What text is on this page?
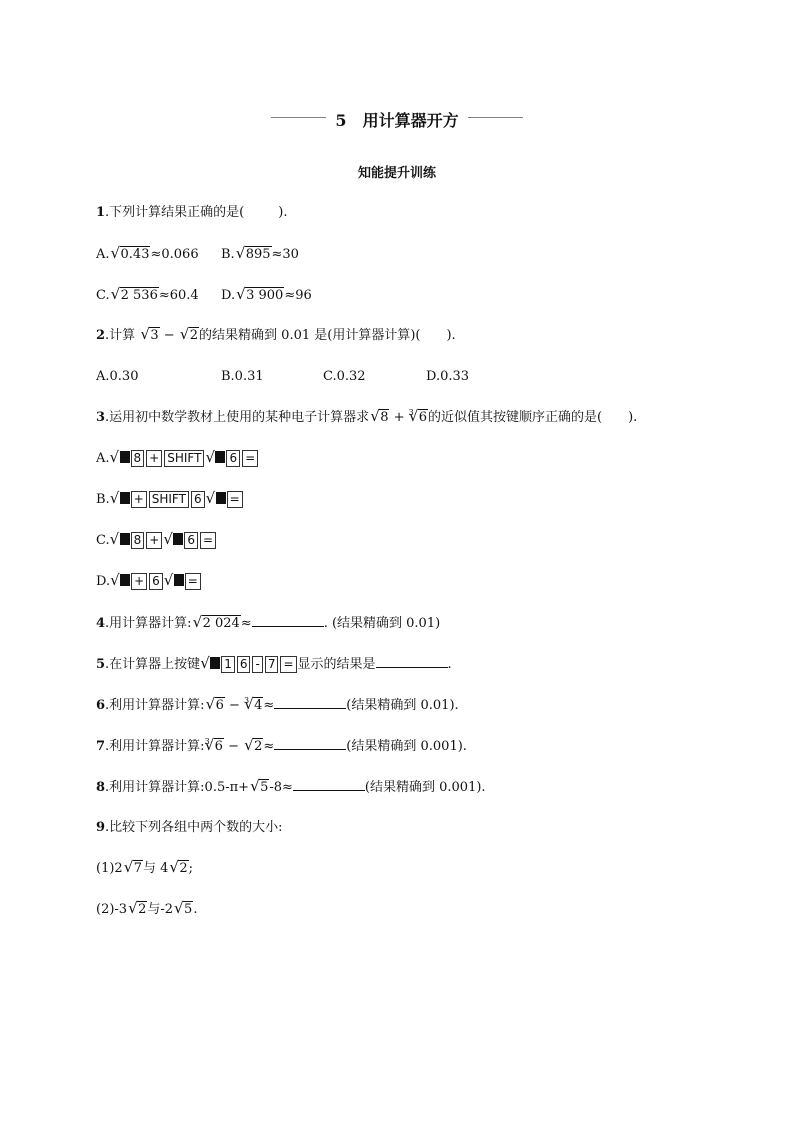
5 用计算器开方
知能提升训练
1.下列计算结果正确的是(	).
A. √ 0.43≈0.066 B. √ 895≈30
C. √ 2 536≈60.4 D. √ 3 900≈96
2.计算 √ 3 − √ 2的结果精确到 0.01 是(用计算器计算)( ).
A.0.30	B.0.31	C.0.32	D.0.33
3.运用初中数学教材上使用的某种电子计算器求 √ 8 + $^3$ √ 6的近似值其按键顺序正确的是( ).
A. √ 8 + SHIFT √ 6 =
B. √ + SHIFT 6 √ =
C. √ 8 + √ 6 =
D. √ + 6 √ =
4.用计算器计算: √ 2 024≈	. (结果精确到 0.01)
5.在计算器上按键 √ 1 6 - 7 = 显示的结果是	.
6.利用计算器计算: √ 6 − $^3$ √ 4≈	(结果精确到 0.01).
7.利用计算器计算:$^3$ √ 6 − √ 2≈	(结果精确到 0.001).
8.利用计算器计算:0.5-π+ √ 5-8≈	(结果精确到 0.001).
9.比较下列各组中两个数的大小:
(1)2 √ 7与 4 √ 2;
(2)-3 √ 2与-2 √ 5.
